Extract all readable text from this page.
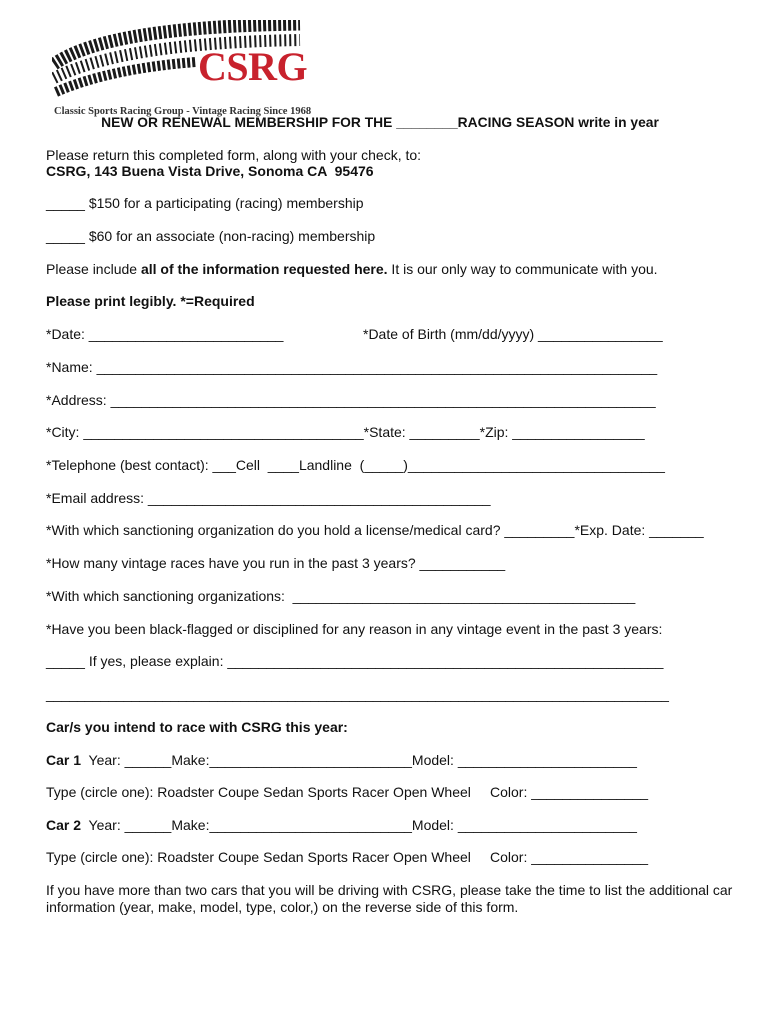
CSRG
Classic Sports Racing Group - Vintage Racing Since 1968
NEW OR RENEWAL MEMBERSHIP FOR THE ________RACING SEASON write in year
Please return this completed form, along with your check, to:
CSRG, 143 Buena Vista Drive, Sonoma CA  95476
_____ $150 for a participating (racing) membership
_____ $60 for an associate (non-racing) membership
Please include all of the information requested here. It is our only way to communicate with you.
Please print legibly. *=Required
*Date: _________________________	*Date of Birth (mm/dd/yyyy) ________________
*Name: ________________________________________________________________________
*Address: ______________________________________________________________________
*City: ____________________________________*State: _________*Zip: _________________
*Telephone (best contact): ___Cell  ____Landline  (_____)_________________________________
*Email address: ____________________________________________
*With which sanctioning organization do you hold a license/medical card? _________*Exp. Date: _______
*How many vintage races have you run in the past 3 years? ___________
*With which sanctioning organizations:  ____________________________________________
*Have you been black-flagged or disciplined for any reason in any vintage event in the past 3 years:
_____ If yes, please explain: ________________________________________________________
________________________________________________________________________________
Car/s you intend to race with CSRG this year:
Car 1  Year: ______Make:__________________________Model: _______________________
Type (circle one): Roadster Coupe Sedan Sports Racer Open Wheel Color: _______________
Car 2  Year: ______Make:__________________________Model: _______________________
Type (circle one): Roadster Coupe Sedan Sports Racer Open Wheel Color: _______________
If you have more than two cars that you will be driving with CSRG, please take the time to list the additional car
information (year, make, model, type, color,) on the reverse side of this form.
